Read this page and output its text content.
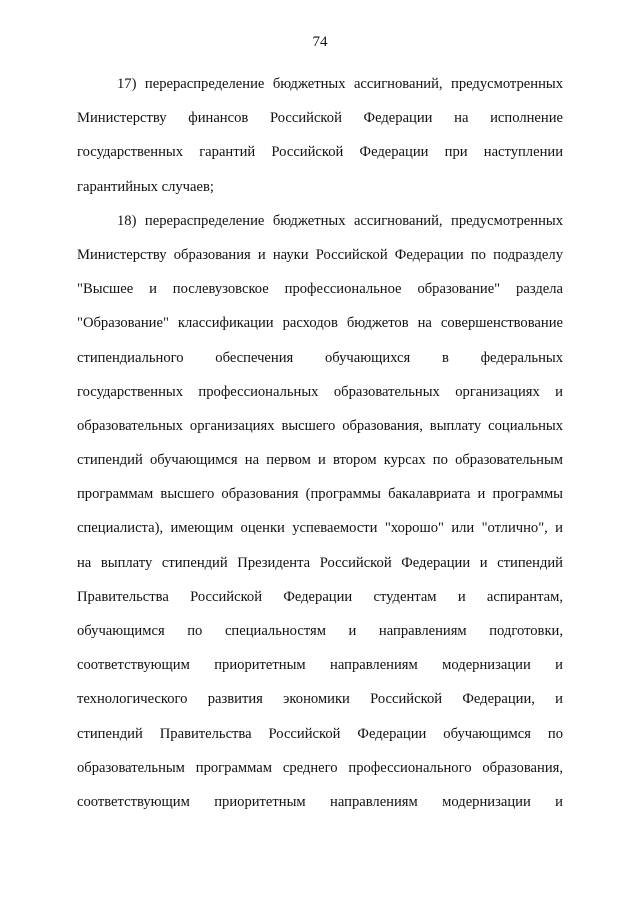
74
17) перераспределение бюджетных ассигнований, предусмотренных
Министерству финансов Российской Федерации на исполнение
государственных гарантий Российской Федерации при наступлении
гарантийных случаев;
18) перераспределение бюджетных ассигнований, предусмотренных
Министерству образования и науки Российской Федерации по подразделу
"Высшее и послевузовское профессиональное образование" раздела
"Образование" классификации расходов бюджетов на совершенствование
стипендиального обеспечения обучающихся в федеральных
государственных профессиональных образовательных организациях и
образовательных организациях высшего образования, выплату социальных
стипендий обучающимся на первом и втором курсах по образовательным
программам высшего образования (программы бакалавриата и программы
специалиста), имеющим оценки успеваемости "хорошо" или "отлично", и
на выплату стипендий Президента Российской Федерации и стипендий
Правительства Российской Федерации студентам и аспирантам,
обучающимся по специальностям и направлениям подготовки,
соответствующим приоритетным направлениям модернизации и
технологического развития экономики Российской Федерации, и
стипендий Правительства Российской Федерации обучающимся по
образовательным программам среднего профессионального образования,
соответствующим приоритетным направлениям модернизации и
